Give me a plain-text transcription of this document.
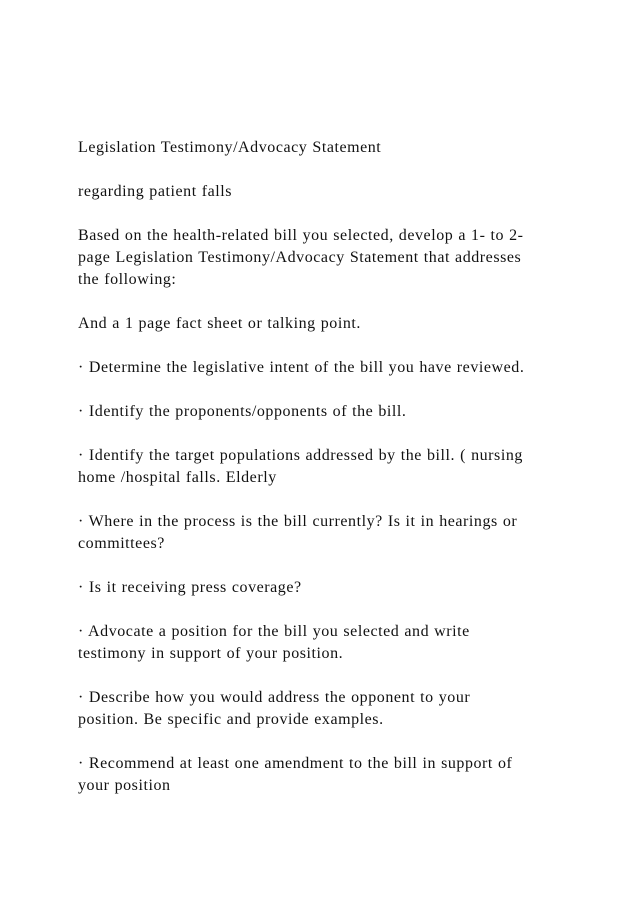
Legislation Testimony/Advocacy Statement

regarding patient falls

Based on the health-related bill you selected, develop a 1- to 2-
page Legislation Testimony/Advocacy Statement that addresses
the following:

And a 1 page fact sheet or talking point.

· Determine the legislative intent of the bill you have reviewed.

· Identify the proponents/opponents of the bill.

· Identify the target populations addressed by the bill. ( nursing
home /hospital falls. Elderly

· Where in the process is the bill currently? Is it in hearings or
committees?

· Is it receiving press coverage?

· Advocate a position for the bill you selected and write
testimony in support of your position.

· Describe how you would address the opponent to your
position. Be specific and provide examples.

· Recommend at least one amendment to the bill in support of
your position
